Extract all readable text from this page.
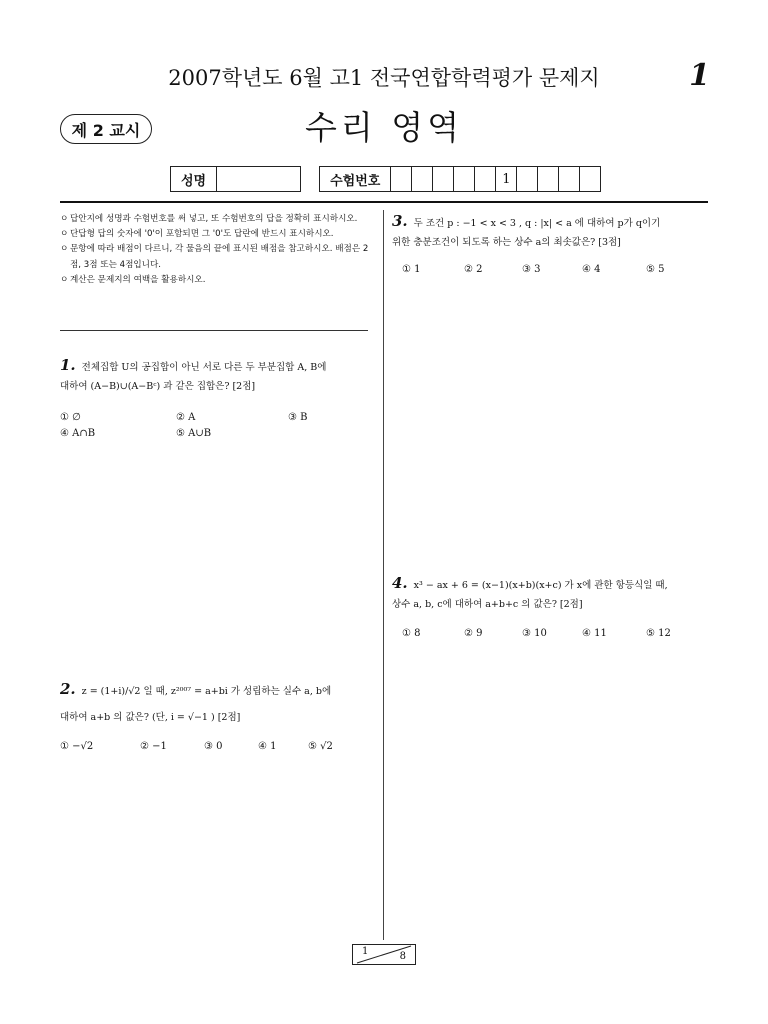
2007학년도 6월 고1 전국연합학력평가 문제지	1
제 2 교시	수리 영역
성명	수험번호	1
ㅇ 답안지에 성명과 수험번호를 써 넣고, 또 수험번호의 답을 정확히 표시하시오.
ㅇ 단답형 답의 숫자에 '0'이 포함되면 그 '0'도 답란에 반드시 표시하시오.
ㅇ 문항에 따라 배점이 다르니, 각 물음의 끝에 표시된 배점을 참고하시오. 배점은 2점, 3점 또는 4점입니다.
ㅇ 계산은 문제지의 여백을 활용하시오.
1. 전체집합 U의 공집합이 아닌 서로 다른 두 부분집합 A, B에
대하여 (A−B)∪(A−Bᶜ) 과 같은 집합은? [2점]
① ∅	② A	③ B
④ A∩B	⑤ A∪B
2. z = (1+i)/√2 일 때, z²⁰⁰⁷ = a+bi 가 성립하는 실수 a, b에
대하여 a+b 의 값은? (단, i = √−1 ) [2점]
① −√2	② −1	③ 0	④ 1	⑤ √2
3. 두 조건 p : −1 < x < 3 , q : |x| < a 에 대하여 p가 q이기
위한 충분조건이 되도록 하는 상수 a의 최솟값은? [3점]
① 1	② 2	③ 3	④ 4	⑤ 5
4. x³ − ax + 6 = (x−1)(x+b)(x+c) 가 x에 관한 항등식일 때,
상수 a, b, c에 대하여 a+b+c 의 값은? [2점]
① 8	② 9	③ 10	④ 11	⑤ 12
1	8
